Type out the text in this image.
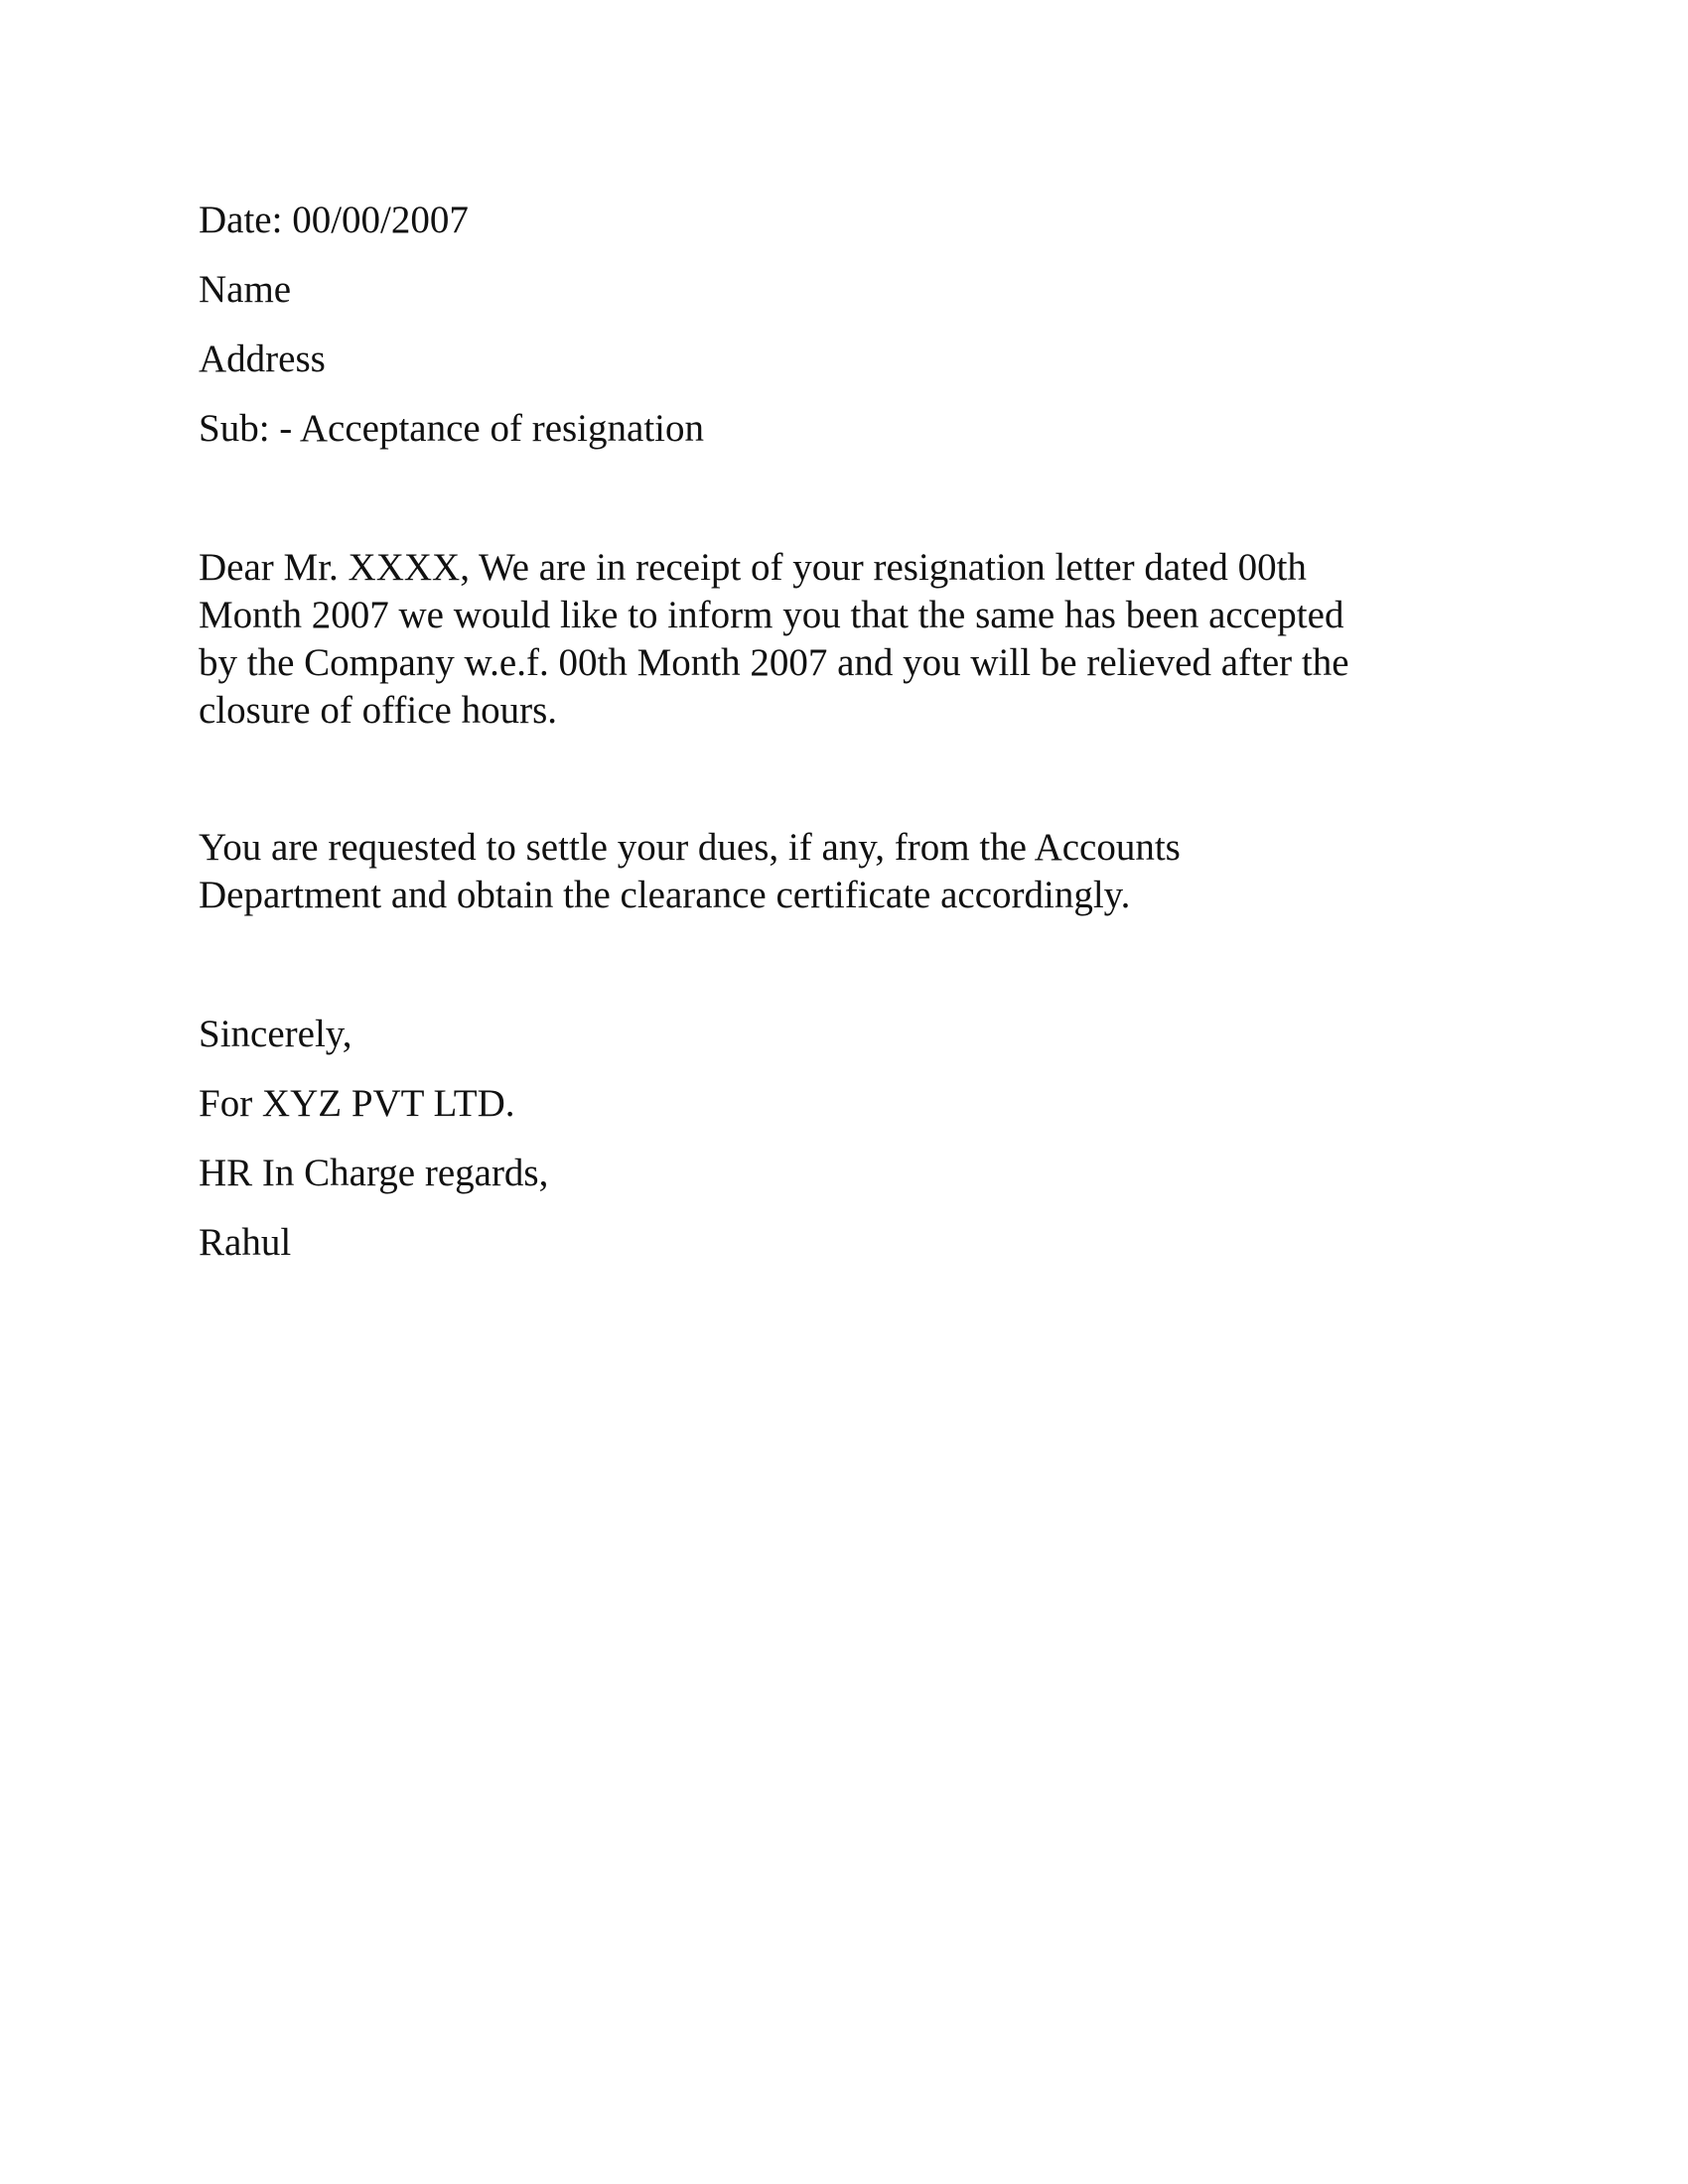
Date: 00/00/2007
Name
Address
Sub: - Acceptance of resignation
Dear Mr. XXXX, We are in receipt of your resignation letter dated 00th
Month 2007 we would like to inform you that the same has been accepted
by the Company w.e.f. 00th Month 2007 and you will be relieved after the
closure of office hours.
You are requested to settle your dues, if any, from the Accounts
Department and obtain the clearance certificate accordingly.
Sincerely,
For XYZ PVT LTD.
HR In Charge regards,
Rahul
